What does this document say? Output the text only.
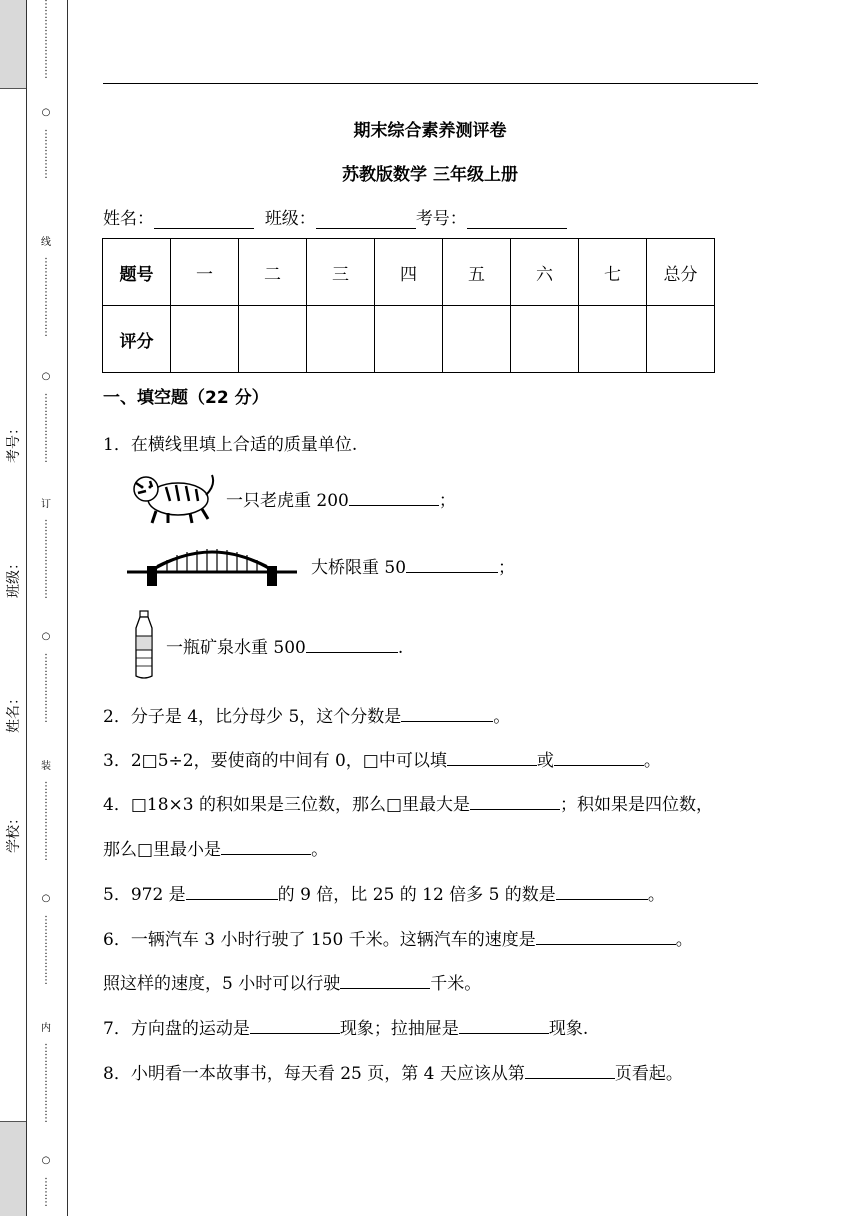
学校：
姓名：
班级：
考号：
⋮
⋮
⋮
⋮
⋮
⋮
⋮
⋮
○
⋮
⋮
⋮
⋮
⋮
线
⋮
⋮
⋮
⋮
⋮
⋮
⋮
⋮
○
⋮
⋮
⋮
⋮
⋮
⋮
⋮
订
⋮
⋮
⋮
⋮
⋮
⋮
⋮
⋮
○
⋮
⋮
⋮
⋮
⋮
⋮
⋮
装
⋮
⋮
⋮
⋮
⋮
⋮
⋮
⋮
○
⋮
⋮
⋮
⋮
⋮
⋮
⋮
内
⋮
⋮
⋮
⋮
⋮
⋮
⋮
⋮
○
⋮
⋮
⋮
期末综合素养测评卷
苏教版数学 三年级上册
姓名：	班级：	考号：
题号	一	二	三	四	五	六	七	总分
评分								
一、填空题（22 分）
1．在横线里填上合适的质量单位.
一只老虎重 200	；
大桥限重 50	；
一瓶矿泉水重 500	.
2．分子是 4，比分母少 5，这个分数是	。
3．2□5÷2，要使商的中间有 0，□中可以填	或	。
4．□18×3 的积如果是三位数，那么□里最大是	；积如果是四位数，
那么□里最小是	。
5．972 是	的 9 倍，比 25 的 12 倍多 5 的数是	。
6．一辆汽车 3 小时行驶了 150 千米。这辆汽车的速度是	。
照这样的速度，5 小时可以行驶	千米。
7．方向盘的运动是	现象；拉抽屉是	现象.
8．小明看一本故事书，每天看 25 页，第 4 天应该从第	页看起。
